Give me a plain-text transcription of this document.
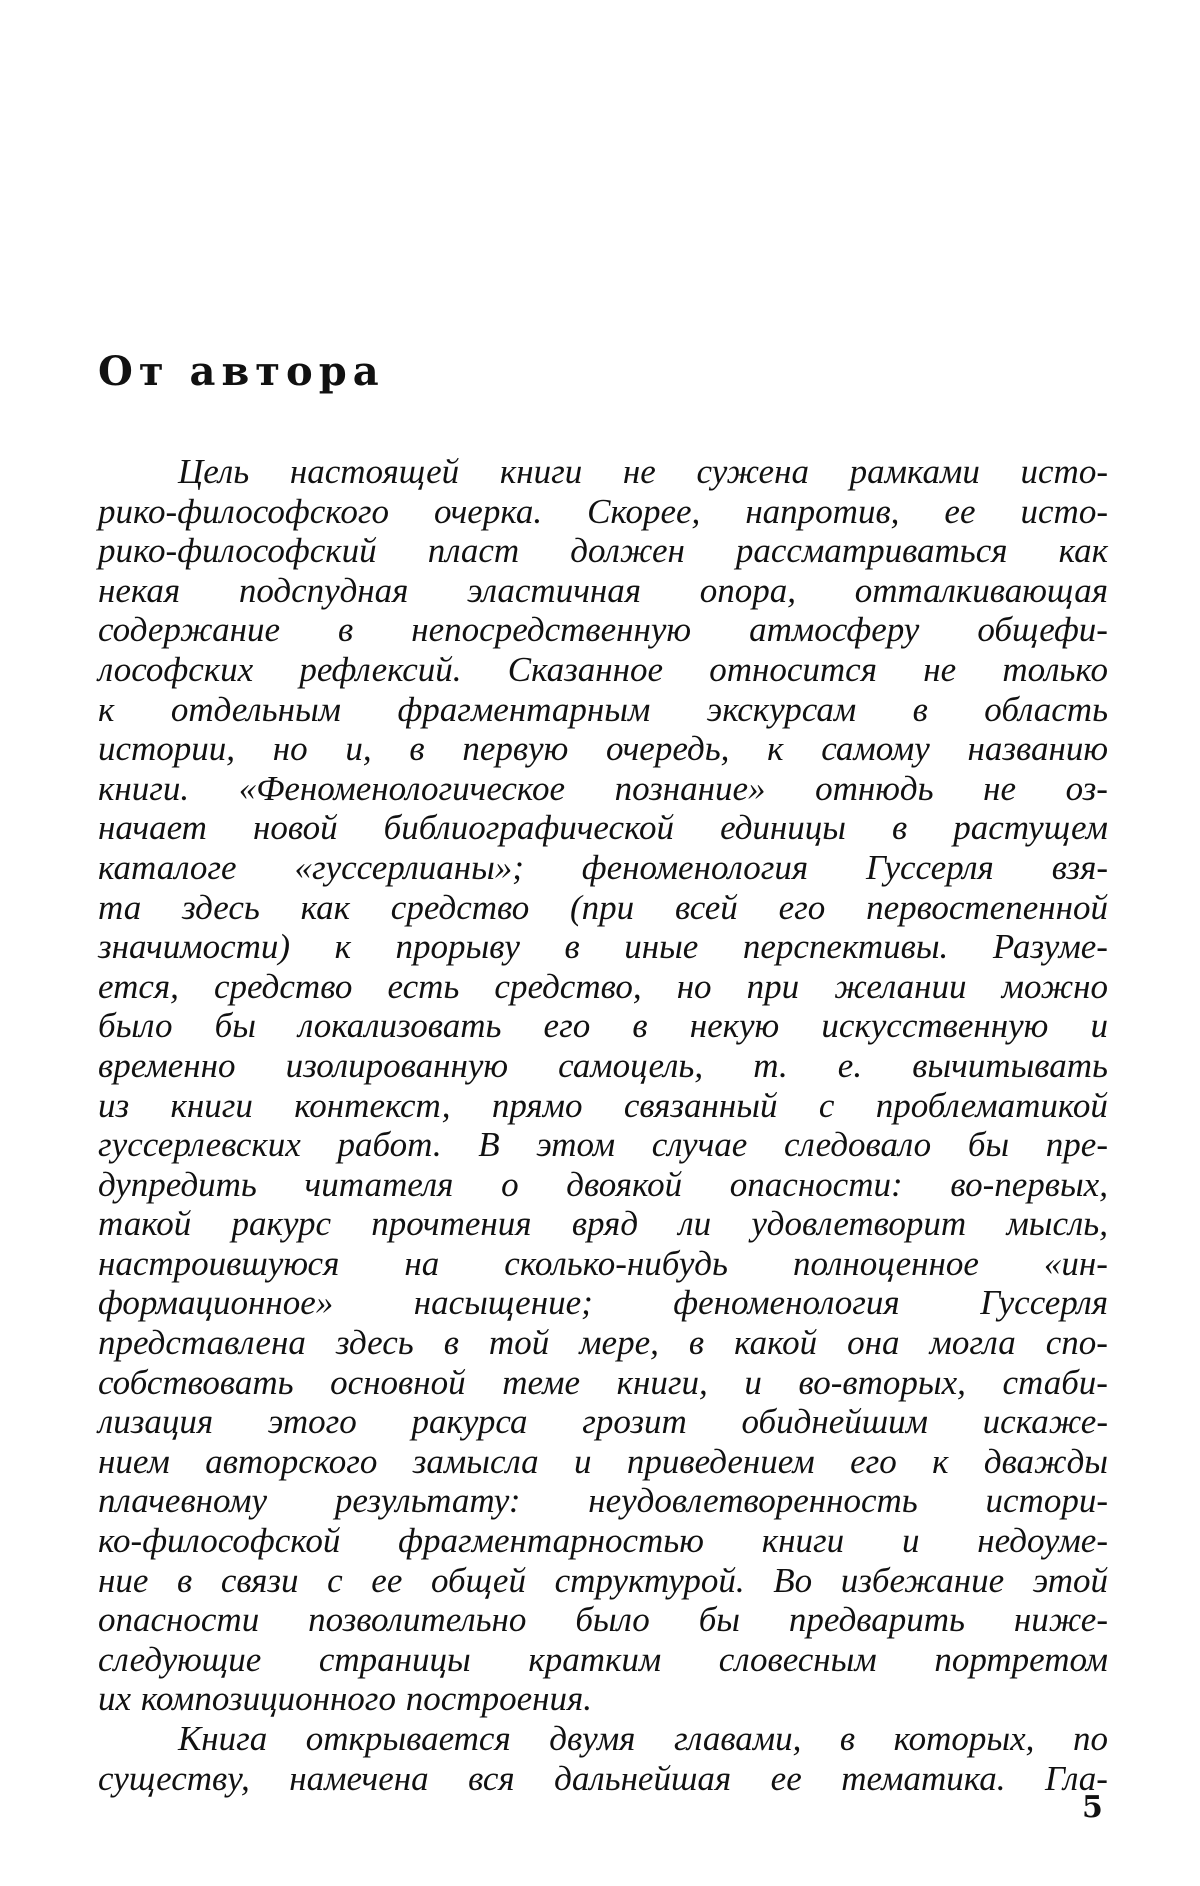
От автора
Цель настоящей книги не сужена рамками исто-
рико-философского очерка. Скорее, напротив, ее исто-
рико-философский пласт должен рассматриваться как
некая подспудная эластичная опора, отталкивающая
содержание в непосредственную атмосферу общефи-
лософских рефлексий. Сказанное относится не только
к отдельным фрагментарным экскурсам в область
истории, но и, в первую очередь, к самому названию
книги. «Феноменологическое познание» отнюдь не оз-
начает новой библиографической единицы в растущем
каталоге «гуссерлианы»; феноменология Гуссерля взя-
та здесь как средство (при всей его первостепенной
значимости) к прорыву в иные перспективы. Разуме-
ется, средство есть средство, но при желании можно
было бы локализовать его в некую искусственную и
временно изолированную самоцель, т. е. вычитывать
из книги контекст, прямо связанный с проблематикой
гуссерлевских работ. В этом случае следовало бы пре-
дупредить читателя о двоякой опасности: во-первых,
такой ракурс прочтения вряд ли удовлетворит мысль,
настроившуюся на сколько-нибудь полноценное «ин-
формационное» насыщение; феноменология Гуссерля
представлена здесь в той мере, в какой она могла спо-
собствовать основной теме книги, и во-вторых, стаби-
лизация этого ракурса грозит обиднейшим искаже-
нием авторского замысла и приведением его к дважды
плачевному результату: неудовлетворенность истори-
ко-философской фрагментарностью книги и недоуме-
ние в связи с ее общей структурой. Во избежание этой
опасности позволительно было бы предварить ниже-
следующие страницы кратким словесным портретом
их композиционного построения.
Книга открывается двумя главами, в которых, по
существу, намечена вся дальнейшая ее тематика. Гла-
5
